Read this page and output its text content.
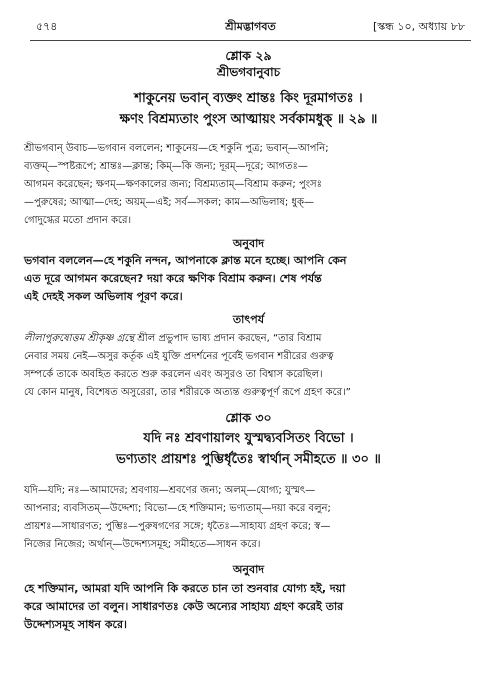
৫৭৪	শ্রীমদ্ভাগবত	[স্কন্ধ ১০, অধ্যায় ৮৮

শ্লোক ২৯

শ্রীভগবানুবাচ

শাকুনেয় ভবান্ ব্যক্তং শ্রান্তঃ কিং দূরমাগতঃ ।

ক্ষণং বিশ্রম্যতাং পুংস আত্মায়ং সর্বকামধুক্ ॥ ২৯ ॥

শ্রীভগবান্ উবাচ—ভগবান বললেন; শাকুনেয়—হে শকুনি পুত্র; ভবান্—আপনি;

ব্যক্তম্—স্পষ্টরূপে; শ্রান্তঃ—ক্লান্ত; কিম্—কি জন্য; দূরম্—দূরে; আগতঃ—

আগমন করেছেন; ক্ষণম্—ক্ষণকালের জন্য; বিশ্রম্যতাম্—বিশ্রাম করুন; পুংসঃ

—পুরুষের; আত্মা—দেহ; অয়ম্—এই; সর্ব—সকল; কাম—অভিলাষ; ধুক্—

গোদুগ্ধের মতো প্রদান করে।

অনুবাদ

ভগবান বললেন—হে শকুনি নন্দন, আপনাকে ক্লান্ত মনে হচ্ছে। আপনি কেন

এত দূরে আগমন করেছেন? দয়া করে ক্ষণিক বিশ্রাম করুন। শেষ পর্যন্ত

এই দেহই সকল অভিলাষ পূরণ করে।

তাৎপর্য

লীলাপুরুষোত্তম শ্রীকৃষ্ণ গ্রন্থে শ্রীল প্রভুপাদ ভাষ্য প্রদান করছেন, “তার বিশ্রাম

নেবার সময় নেই—অসুর কর্তৃক এই যুক্তি প্রদর্শনের পূর্বেই ভগবান শরীরের গুরুত্ব

সম্পর্কে তাকে অবহিত করতে শুরু করলেন এবং অসুরও তা বিশ্বাস করেছিল।

যে কোন মানুষ, বিশেষত অসুরেরা, তার শরীরকে অত্যন্ত গুরুত্বপূর্ণ রূপে গ্রহণ করে।”

শ্লোক ৩০

যদি নঃ শ্রবণায়ালং যুস্মদ্ব্যবসিতং বিভো ।

ভণ্যতাং প্রায়শঃ পুম্ভির্ধৃতৈঃ স্বার্থান্ সমীহতে ॥ ৩০ ॥

যদি—যদি; নঃ—আমাদের; শ্রবণায়—শ্রবণের জন্য; অলম্—যোগ্য; যুস্মৎ—

আপনার; ব্যবসিতম্—উদ্দেশ্য; বিভো—হে শক্তিমান; ভণ্যতাম্—দয়া করে বলুন;

প্রায়শঃ—সাধারণত; পুম্ভিঃ—পুরুষগণের সঙ্গে; ধৃতৈঃ—সাহায্য গ্রহণ করে; স্ব—

নিজের নিজের; অর্থান্—উদ্দেশ্যসমূহ; সমীহতে—সাধন করে।

অনুবাদ

হে শক্তিমান, আমরা যদি আপনি কি করতে চান তা শুনবার যোগ্য হই, দয়া

করে আমাদের তা বলুন। সাধারণতঃ কেউ অন্যের সাহায্য গ্রহণ করেই তার

উদ্দেশ্যসমূহ সাধন করে।
